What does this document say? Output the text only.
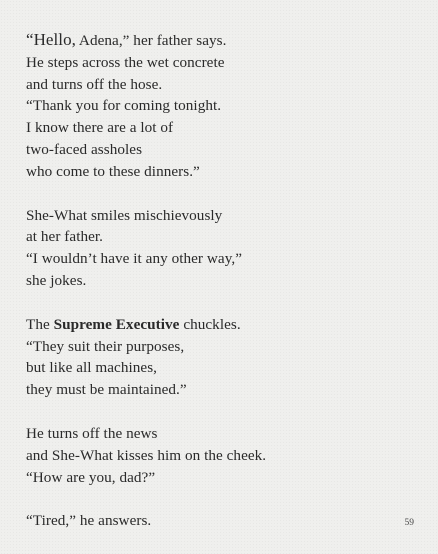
“Hello, Adena,” her father says.
He steps across the wet concrete
and turns off the hose.
“Thank you for coming tonight.
I know there are a lot of
two-faced assholes
who come to these dinners.”
She-What smiles mischievously
at her father.
“I wouldn’t have it any other way,”
she jokes.
The Supreme Executive chuckles.
“They suit their purposes,
but like all machines,
they must be maintained.”
He turns off the news
and She-What kisses him on the cheek.
“How are you, dad?”
“Tired,” he answers.	59
